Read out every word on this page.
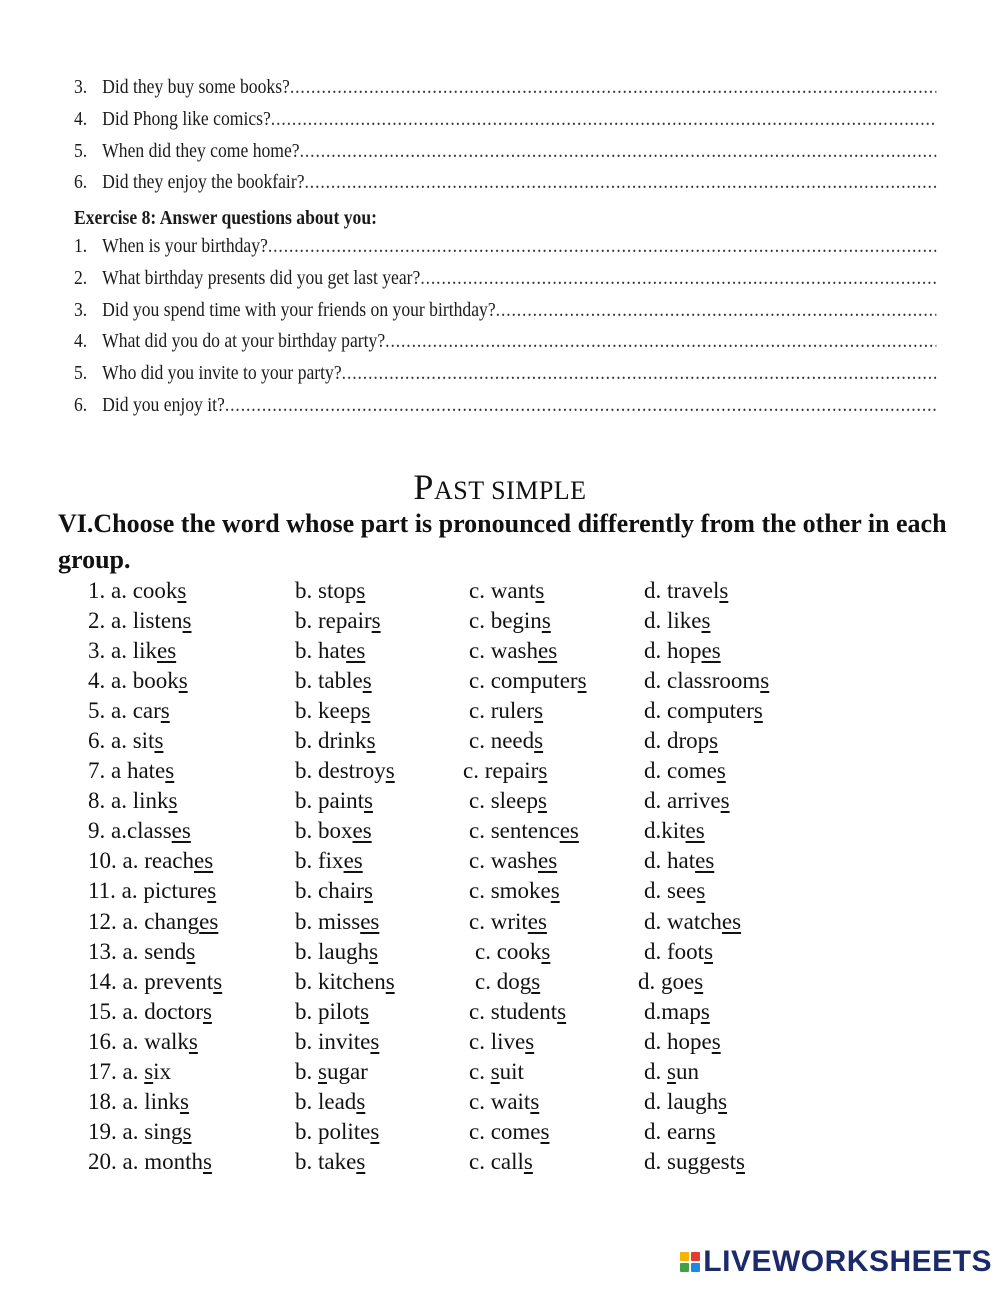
3. Did they buy some books?
.....
4. Did Phong like comics?
.....
5. When did they come home?
.....
6. Did they enjoy the bookfair?
.....
Exercise 8: Answer questions about you:
1. When is your birthday?
.....
2. What birthday presents did you get last year?
.....
3. Did you spend time with your friends on your birthday?
.....
4. What did you do at your birthday party?
.....
5. Who did you invite to your party?
.....
6. Did you enjoy it?
.....
PAST SIMPLE
VI.Choose the word whose part is pronounced differently from the other in each group.
1. a. cooks	b. stops	c. wants	d. travels
2. a. listens	b. repairs	c. begins	d. likes
3. a. likes	b. hates	c. washes	d. hopes
4. a. books	b. tables	c. computers d. classrooms
5. a. cars	b. keeps	c. rulers	d. computers
6. a. sits	b. drinks	c. needs	d. drops
7. a hates	b. destroys	c. repairs	d. comes
8. a. links	b. paints	c. sleeps	d. arrives
9. a.classes	b. boxes	c. sentences	d.kites
10. a. reaches	b. fixes	c. washes	d. hates
11. a. pictures	b. chairs	c. smokes	d. sees
12. a. changes	b. misses	c. writes	d. watches
13. a. sends	b. laughs	c. cooks	d. foots
14. a. prevents	b. kitchens	c. dogs	d. goes
15. a. doctors	b. pilots	c. students	d.maps
16. a. walks	b. invites	c. lives	d. hopes
17. a. six	b. sugar	c. suit	d. sun
18. a. links	b. leads	c. waits	d. laughs
19. a. sings	b. polites	c. comes	d. earns
20. a. months	b. takes	c. calls	d. suggests
LIVEWORKSHEETS
